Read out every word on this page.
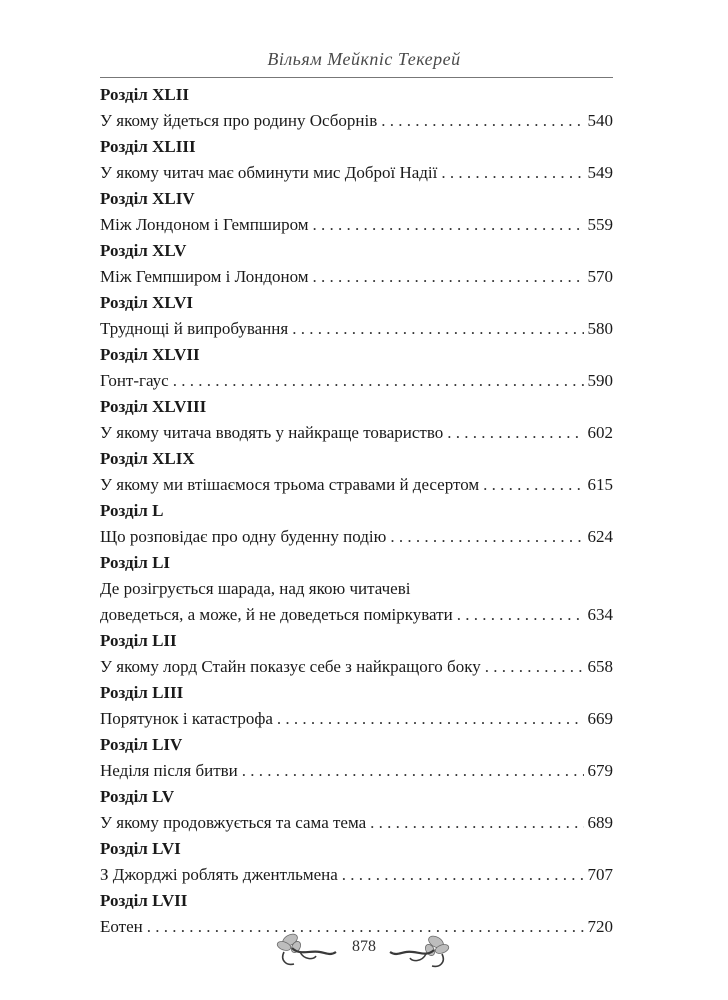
Вільям Мейкпіс Текерей
Розділ XLII
У якому йдеться про родину Осборнів . . .	540
Розділ XLIII
У якому читач має обминути мис Доброї Надії . . .	549
Розділ XLIV
Між Лондоном і Гемпширом . . .	559
Розділ XLV
Між Гемпширом і Лондоном . . .	570
Розділ XLVI
Труднощі й випробування . . .	580
Розділ XLVII
Гонт-гаус . . .	590
Розділ XLVIII
У якому читача вводять у найкраще товариство . . .	602
Розділ XLIX
У якому ми втішаємося трьома стравами й десертом . . .	615
Розділ L
Що розповідає про одну буденну подію . . .	624
Розділ LI
Де розігрується шарада, над якою читачеві
доведеться, а може, й не доведеться поміркувати . . .	634
Розділ LII
У якому лорд Стайн показує себе з найкращого боку . . .	658
Розділ LIII
Порятунок і катастрофа . . .	669
Розділ LIV
Неділя після битви . . .	679
Розділ LV
У якому продовжується та сама тема . . .	689
Розділ LVI
З Джорджі роблять джентльмена . . .	707
Розділ LVII
Еотен . . .	720
878
